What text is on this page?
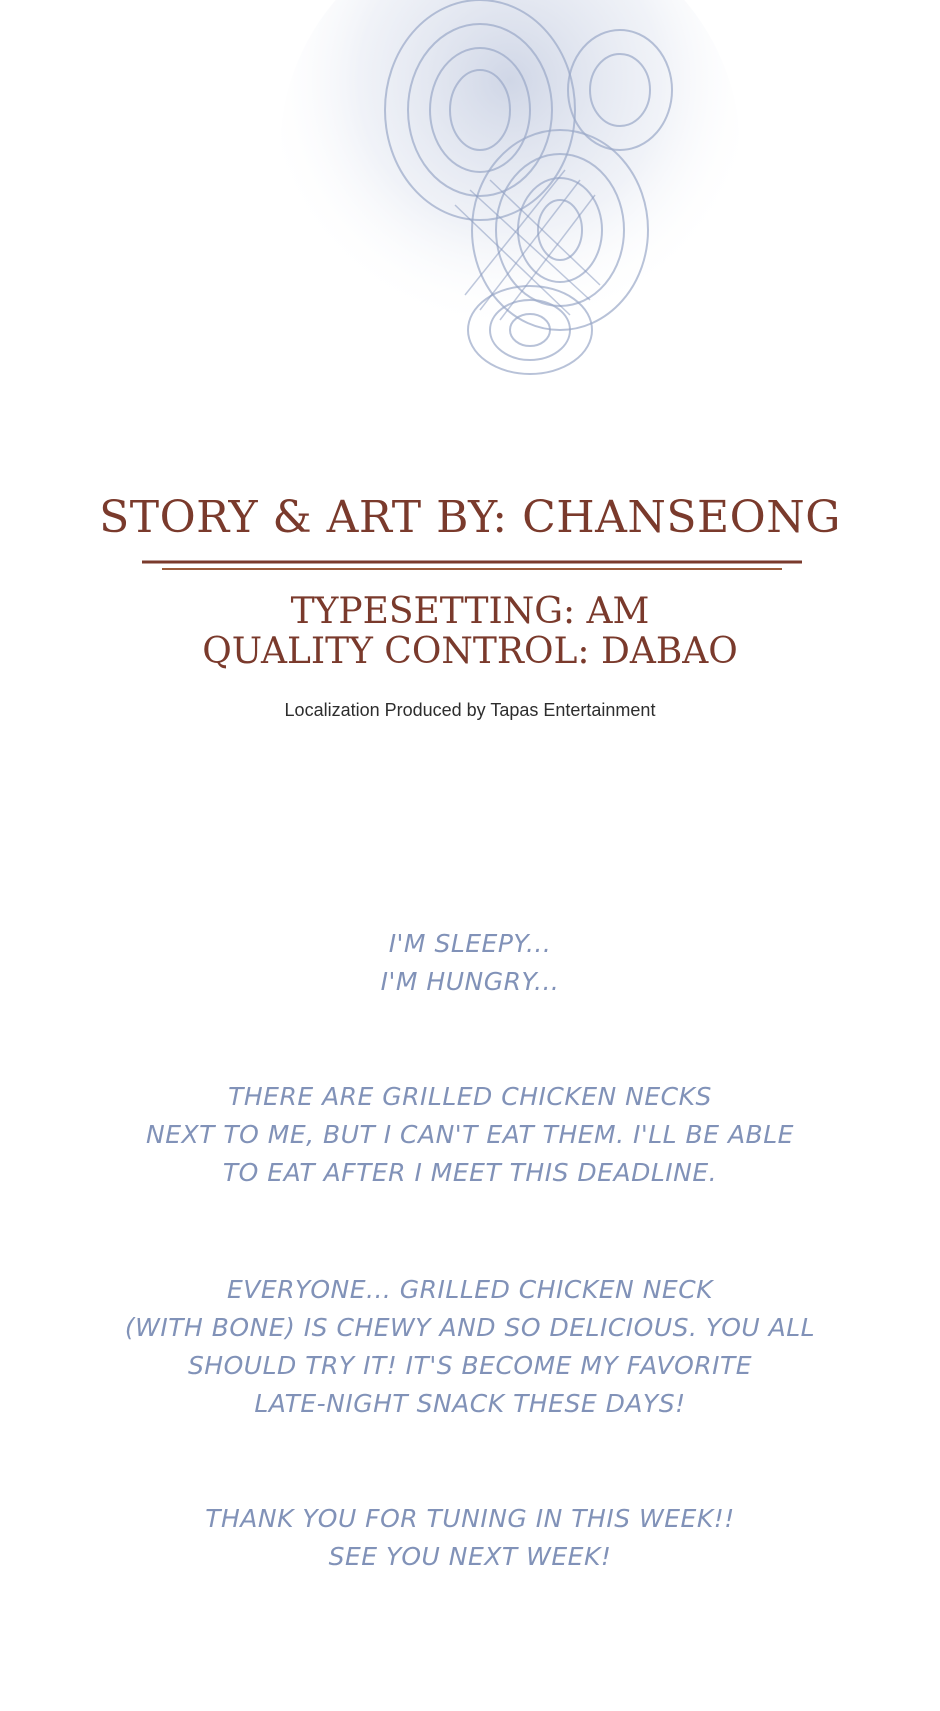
STORY & ART BY: CHANSEONG
TYPESETTING: AM
QUALITY CONTROL: DABAO
Localization Produced by Tapas Entertainment
I'M SLEEPY...
I'M HUNGRY...
THERE ARE GRILLED CHICKEN NECKS
NEXT TO ME, BUT I CAN'T EAT THEM. I'LL BE ABLE
TO EAT AFTER I MEET THIS DEADLINE.
EVERYONE... GRILLED CHICKEN NECK
(WITH BONE) IS CHEWY AND SO DELICIOUS. YOU ALL
SHOULD TRY IT! IT'S BECOME MY FAVORITE
LATE-NIGHT SNACK THESE DAYS!
THANK YOU FOR TUNING IN THIS WEEK!!
SEE YOU NEXT WEEK!
